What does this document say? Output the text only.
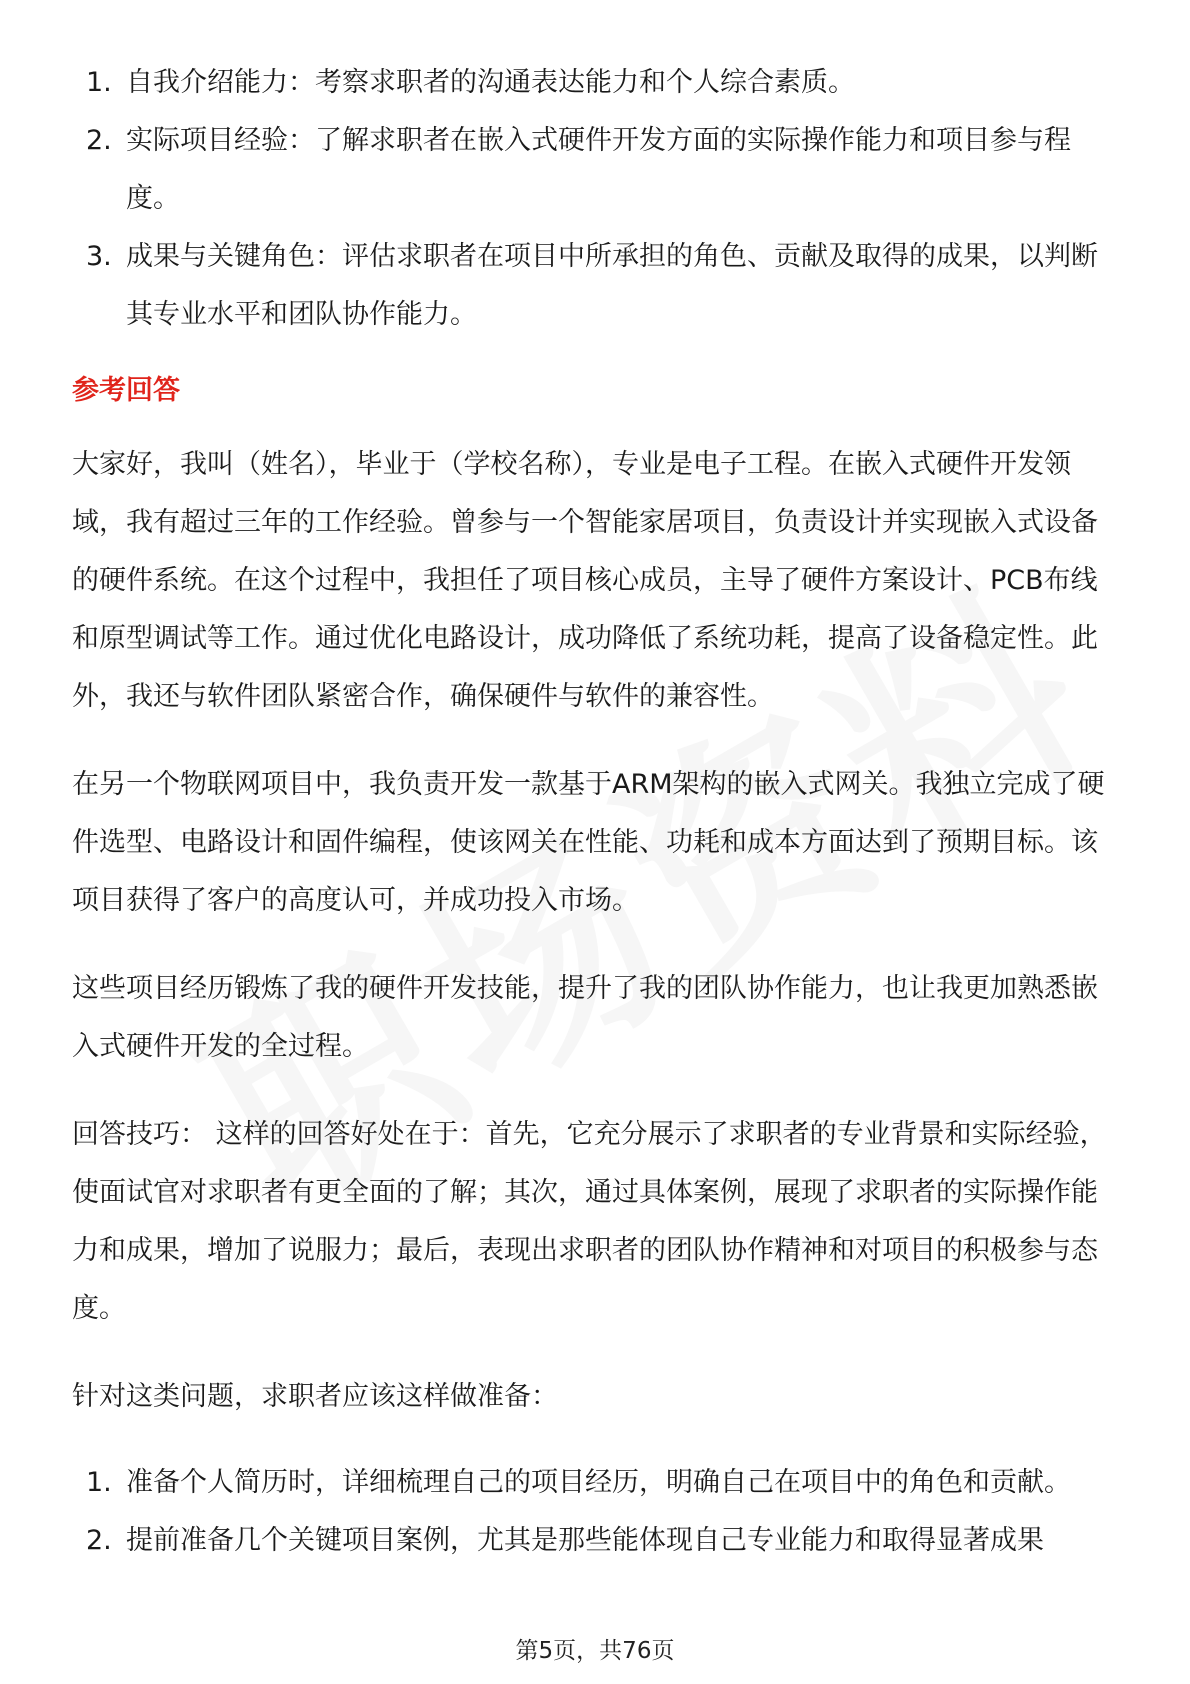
1. 自我介绍能力：考察求职者的沟通表达能力和个人综合素质。
2. 实际项目经验：了解求职者在嵌入式硬件开发方面的实际操作能力和项目参与程度。
3. 成果与关键角色：评估求职者在项目中所承担的角色、贡献及取得的成果，以判断其专业水平和团队协作能力。
参考回答

大家好，我叫（姓名），毕业于（学校名称），专业是电子工程。在嵌入式硬件开发领域，我有超过三年的工作经验。曾参与一个智能家居项目，负责设计并实现嵌入式设备的硬件系统。在这个过程中，我担任了项目核心成员，主导了硬件方案设计、PCB布线和原型调试等工作。通过优化电路设计，成功降低了系统功耗，提高了设备稳定性。此外，我还与软件团队紧密合作，确保硬件与软件的兼容性。

在另一个物联网项目中，我负责开发一款基于ARM架构的嵌入式网关。我独立完成了硬件选型、电路设计和固件编程，使该网关在性能、功耗和成本方面达到了预期目标。该项目获得了客户的高度认可，并成功投入市场。

这些项目经历锻炼了我的硬件开发技能，提升了我的团队协作能力，也让我更加熟悉嵌入式硬件开发的全过程。

回答技巧： 这样的回答好处在于：首先，它充分展示了求职者的专业背景和实际经验，使面试官对求职者有更全面的了解；其次，通过具体案例，展现了求职者的实际操作能力和成果，增加了说服力；最后，表现出求职者的团队协作精神和对项目的积极参与态度。

针对这类问题，求职者应该这样做准备：

1. 准备个人简历时，详细梳理自己的项目经历，明确自己在项目中的角色和贡献。
2. 提前准备几个关键项目案例，尤其是那些能体现自己专业能力和取得显著成果
第5页，共76页
